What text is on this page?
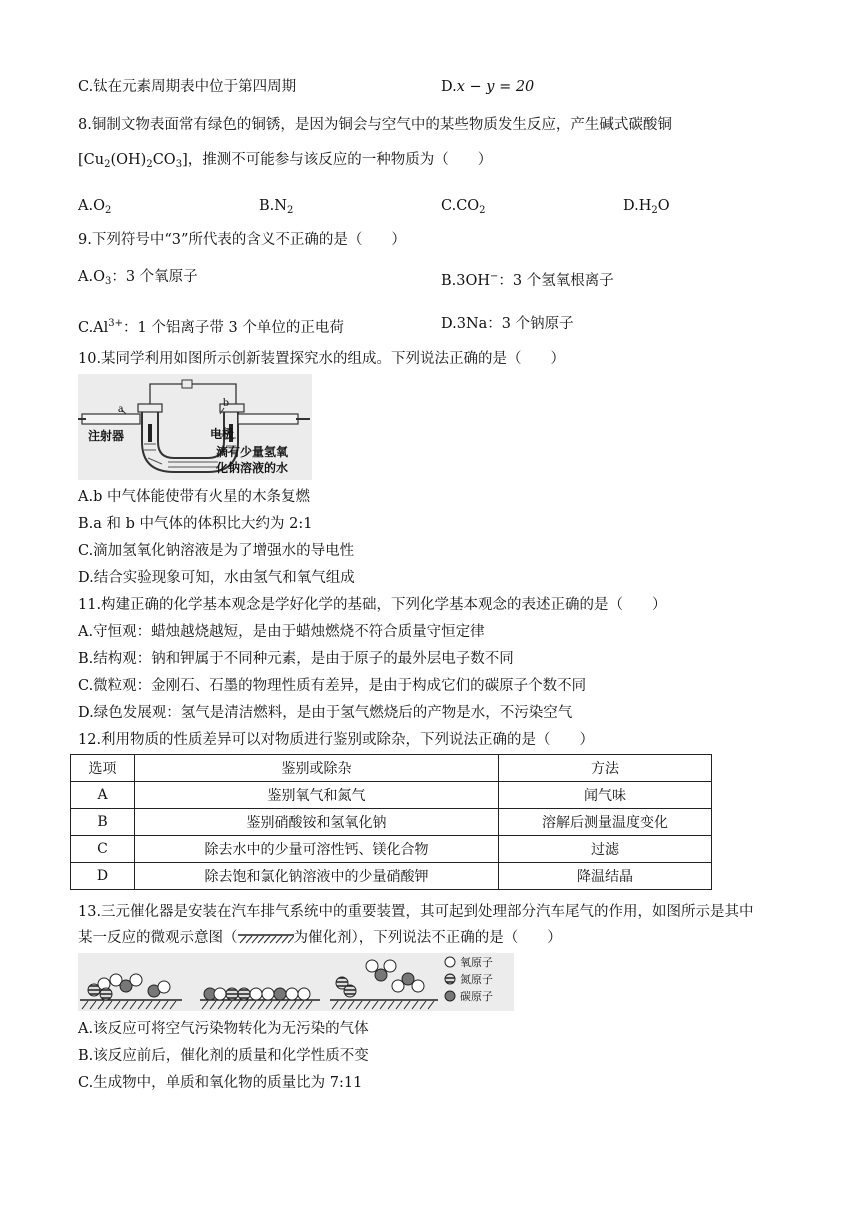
C.钛在元素周期表中位于第四周期	D.x − y = 20
8.铜制文物表面常有绿色的铜锈，是因为铜会与空气中的某些物质发生反应，产生碱式碳酸铜
$[Cu_2(OH)_2CO_3]$，推测不可能参与该反应的一种物质为（　　）
$A.O_2$	$B.N_2$	$C.CO_2$	$D.H_2O$
9.下列符号中“3”所代表的含义不正确的是（　　）
$A.O_3$：3 个氧原子	B.3OH−：3 个氢氧根离子
$C.Al^{3+}$：1 个铝离子带 3 个单位的正电荷	D.3Na：3 个钠原子
10.某同学利用如图所示创新装置探究水的组成。下列说法正确的是（　　）
a	b
注射器	电极
滴有少量氢氧
化钠溶液的水
A.b 中气体能使带有火星的木条复燃
B.a 和 b 中气体的体积比大约为 2:1
C.滴加氢氧化钠溶液是为了增强水的导电性
D.结合实验现象可知，水由氢气和氧气组成
11.构建正确的化学基本观念是学好化学的基础，下列化学基本观念的表述正确的是（　　）
A.守恒观：蜡烛越烧越短，是由于蜡烛燃烧不符合质量守恒定律
B.结构观：钠和钾属于不同种元素，是由于原子的最外层电子数不同
C.微粒观：金刚石、石墨的物理性质有差异，是由于构成它们的碳原子个数不同
D.绿色发展观：氢气是清洁燃料，是由于氢气燃烧后的产物是水，不污染空气
12.利用物质的性质差异可以对物质进行鉴别或除杂，下列说法正确的是（　　）
选项	鉴别或除杂	方法
A	鉴别氧气和氮气	闻气味
B	鉴别硝酸铵和氢氧化钠	溶解后测量温度变化
C	除去水中的少量可溶性钙、镁化合物	过滤
D	除去饱和氯化钠溶液中的少量硝酸钾	降温结晶
13.三元催化器是安装在汽车排气系统中的重要装置，其可起到处理部分汽车尾气的作用，如图所示是其中
某一反应的微观示意图（	为催化剂），下列说法不正确的是（　　）
氧原子
氮原子
碳原子
A.该反应可将空气污染物转化为无污染的气体
B.该反应前后，催化剂的质量和化学性质不变
C.生成物中，单质和氧化物的质量比为 7:11
